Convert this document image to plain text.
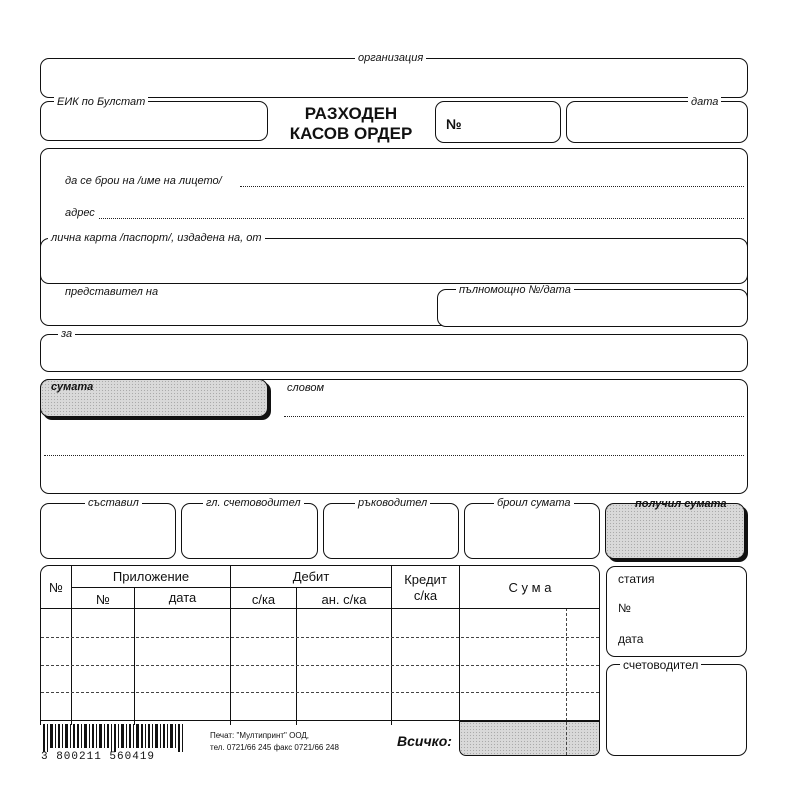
организация
ЕИК по Булстат
РАЗХОДЕН
КАСОВ ОРДЕР	№
дата
да се брои на /име на лицето/
адрес
лична карта /паспорт/, издадена на, от
представител на	пълномощно №/дата
за
сумата	словом
съставил	гл. счетоводител	ръководител	броил сумата	получил сумата
№
Приложение
№	дата
Дебит
с/ка	ан. с/ка
Кредит
с/ка
С у м а
Всичко:
статия
№
дата
счетоводител
3 800211 560419
Печат: "Мултипринт" ООД,
тел. 0721/66 245 факс 0721/66 248
